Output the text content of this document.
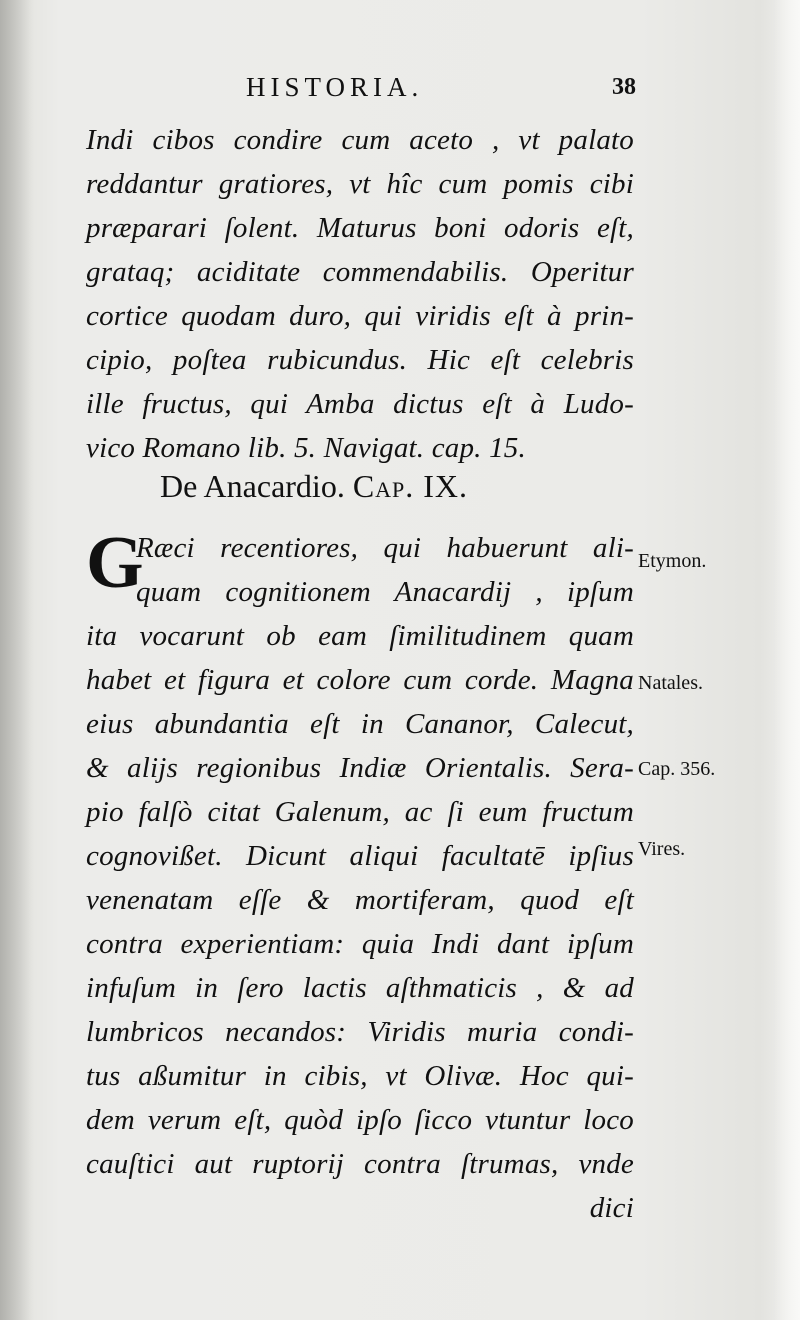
HISTORIA.	38
Indi cibos condire cum aceto , vt palato
reddantur gratiores, vt hîc cum pomis cibi
præparari ſolent. Maturus boni odoris eſt,
grataq; aciditate commendabilis. Operitur
cortice quodam duro, qui viridis eſt à prin-
cipio, poſtea rubicundus. Hic eſt celebris
ille fructus, qui Amba dictus eſt à Ludo-
vico Romano lib. 5. Navigat. cap. 15.
De Anacardio. Cap. IX.
G
Ræci recentiores, qui habuerunt ali-
quam cognitionem Anacardij , ipſum
ita vocarunt ob eam ſimilitudinem quam
habet et figura et colore cum corde. Magna
eius abundantia eſt in Cananor, Calecut,
& alijs regionibus Indiæ Orientalis. Sera-
pio falſò citat Galenum, ac ſi eum fructum
cognovißet. Dicunt aliqui facultatē ipſius
venenatam eſſe & mortiferam, quod eſt
contra experientiam: quia Indi dant ipſum
infuſum in ſero lactis aſthmaticis , & ad
lumbricos necandos: Viridis muria condi-
tus aßumitur in cibis, vt Olivæ. Hoc qui-
dem verum eſt, quòd ipſo ſicco vtuntur loco
cauſtici aut ruptorij contra ſtrumas, vnde
dici
Etymon.
Natales.
Cap. 356.
Vires.
